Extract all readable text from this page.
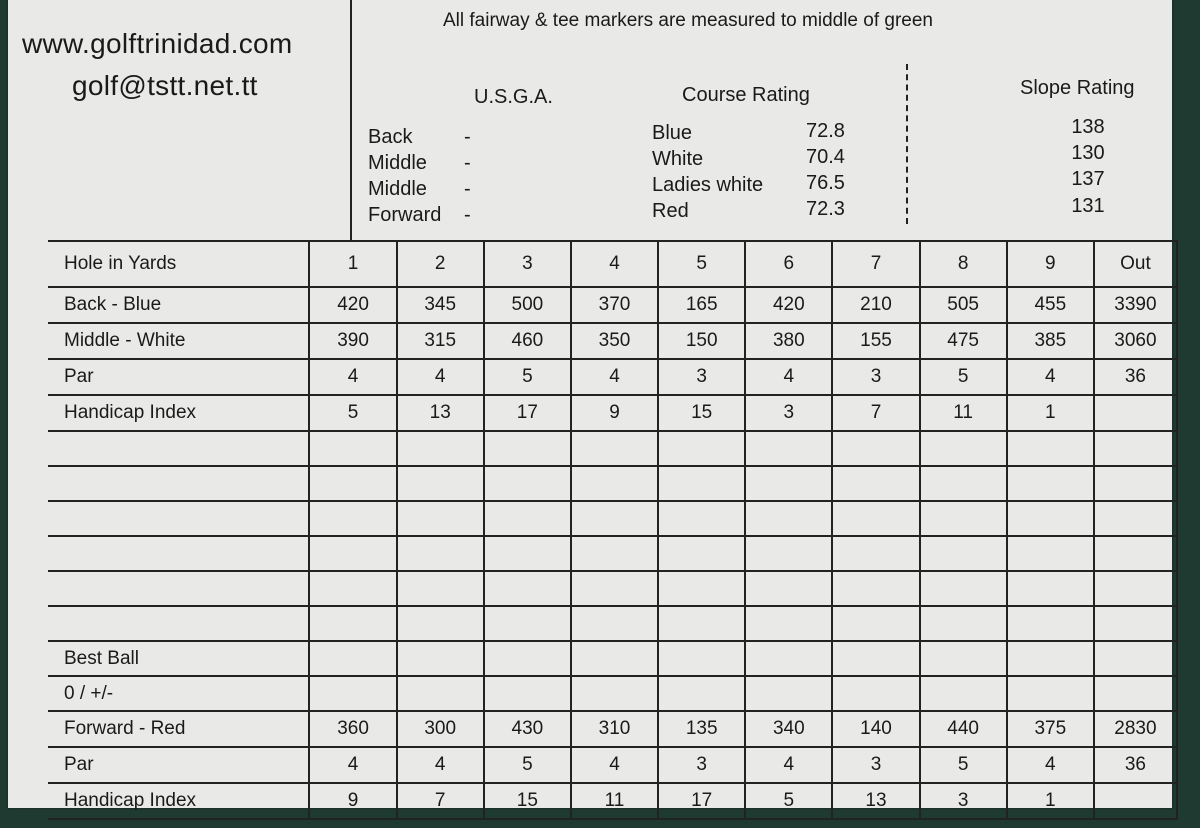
www.golftrinidad.com
golf@tstt.net.tt
All fairway & tee markers are measured to middle of green
U.S.G.A.	Course Rating	Slope Rating
Back	-	Blue	72.8	138
Middle -	White	70.4	130
Middle -	Ladies white 76.5	137
Forward -	Red	72.3	131
Hole in Yards	1	2	3	4	5	6	7	8	9	Out
Back - Blue	420	345	500	370	165	420	210	505	455	3390
Middle - White	390	315	460	350	150	380	155	475	385	3060
Par	4	4	5	4	3	4	3	5	4	36
Handicap Index	5	13	17	9	15	3	7	11	1	

Best Ball										
0 / +/-										
Forward - Red	360	300	430	310	135	340	140	440	375	2830
Par	4	4	5	4	3	4	3	5	4	36
Handicap Index	9	7	15	11	17	5	13	3	1	
